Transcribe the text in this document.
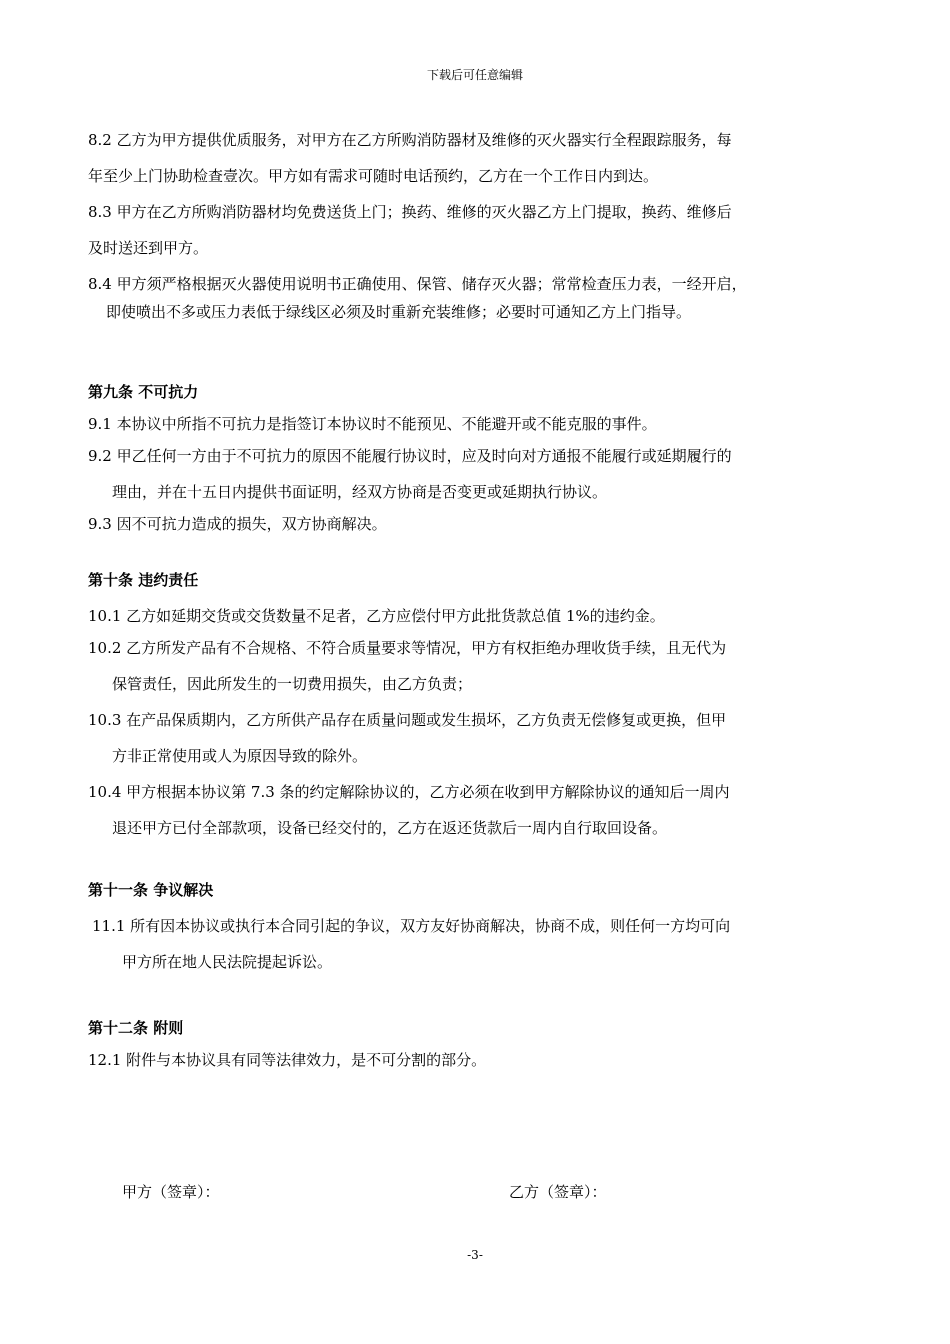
下载后可任意编辑

8.2 乙方为甲方提供优质服务，对甲方在乙方所购消防器材及维修的灭火器实行全程跟踪服务，每

年至少上门协助检查壹次。甲方如有需求可随时电话预约，乙方在一个工作日内到达。

8.3 甲方在乙方所购消防器材均免费送货上门；换药、维修的灭火器乙方上门提取，换药、维修后

及时送还到甲方。

8.4 甲方须严格根据灭火器使用说明书正确使用、保管、储存灭火器；常常检查压力表，一经开启，

即使喷出不多或压力表低于绿线区必须及时重新充装维修；必要时可通知乙方上门指导。

第九条 不可抗力

9.1 本协议中所指不可抗力是指签订本协议时不能预见、不能避开或不能克服的事件。

9.2 甲乙任何一方由于不可抗力的原因不能履行协议时，应及时向对方通报不能履行或延期履行的

理由，并在十五日内提供书面证明，经双方协商是否变更或延期执行协议。

9.3 因不可抗力造成的损失，双方协商解决。

第十条 违约责任

10.1 乙方如延期交货或交货数量不足者，乙方应偿付甲方此批货款总值 1%的违约金。

10.2 乙方所发产品有不合规格、不符合质量要求等情况，甲方有权拒绝办理收货手续，且无代为

保管责任，因此所发生的一切费用损失，由乙方负责；

10.3 在产品保质期内，乙方所供产品存在质量问题或发生损坏，乙方负责无偿修复或更换，但甲

方非正常使用或人为原因导致的除外。

10.4 甲方根据本协议第 7.3 条的约定解除协议的，乙方必须在收到甲方解除协议的通知后一周内

退还甲方已付全部款项，设备已经交付的，乙方在返还货款后一周内自行取回设备。

第十一条 争议解决

11.1 所有因本协议或执行本合同引起的争议，双方友好协商解决，协商不成，则任何一方均可向

甲方所在地人民法院提起诉讼。

第十二条 附则

12.1 附件与本协议具有同等法律效力，是不可分割的部分。

甲方（签章）：	乙方（签章）：
-3-
